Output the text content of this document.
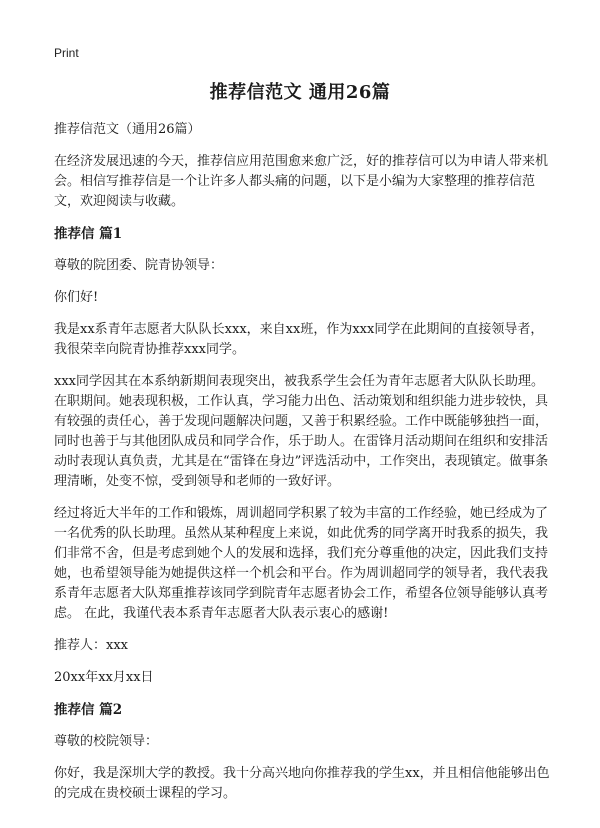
Print
推荐信范文 通用26篇

推荐信范文（通用26篇）

在经济发展迅速的今天，推荐信应用范围愈来愈广泛，好的推荐信可以为申请人带来机会。相信写推荐信是一个让许多人都头痛的问题，以下是小编为大家整理的推荐信范文，欢迎阅读与收藏。

推荐信 篇1

尊敬的院团委、院青协领导：

你们好!

我是xx系青年志愿者大队队长xxx，来自xx班，作为xxx同学在此期间的直接领导者，我很荣幸向院青协推荐xxx同学。

xxx同学因其在本系纳新期间表现突出，被我系学生会任为青年志愿者大队队长助理。在职期间。她表现积极，工作认真，学习能力出色、活动策划和组织能力进步较快，具有较强的责任心，善于发现问题解决问题，又善于积累经验。工作中既能够独挡一面，同时也善于与其他团队成员和同学合作，乐于助人。在雷锋月活动期间在组织和安排活动时表现认真负责，尤其是在“雷锋在身边”评选活动中，工作突出，表现镇定。做事条理清晰，处变不惊，受到领导和老师的一致好评。

经过将近大半年的工作和锻炼，周训超同学积累了较为丰富的工作经验，她已经成为了一名优秀的队长助理。虽然从某种程度上来说，如此优秀的同学离开时我系的损失，我们非常不舍，但是考虑到她个人的发展和选择，我们充分尊重他的决定，因此我们支持她，也希望领导能为她提供这样一个机会和平台。作为周训超同学的领导者，我代表我系青年志愿者大队郑重推荐该同学到院青年志愿者协会工作，希望各位领导能够认真考虑。 在此，我谨代表本系青年志愿者大队表示衷心的感谢!

推荐人：xxx

20xx年xx月xx日

推荐信 篇2

尊敬的校院领导：

你好，我是深圳大学的教授。我十分高兴地向你推荐我的学生xx，并且相信他能够出色的完成在贵校硕士课程的学习。
